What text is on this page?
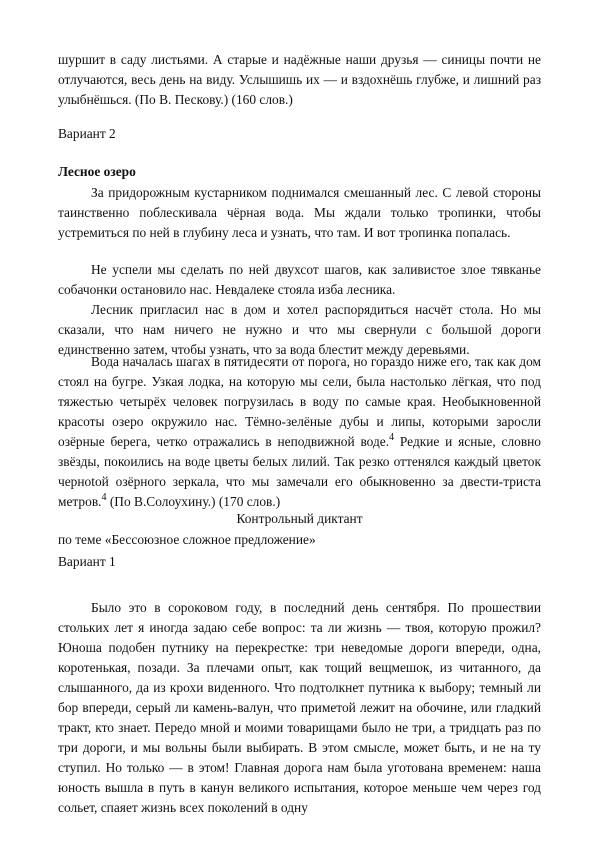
шуршит в саду листьями. А старые и надёжные наши друзья — синицы почти не отлучаются, весь день на виду. Услышишь их — и вздохнёшь глубже, и лишний раз улыбнёшься. (По В. Пескову.) (160 слов.)

Вариант 2

Лесное озеро

За придорожным кустарником поднимался смешанный лес. С левой стороны таинственно поблескивала чёрная вода. Мы ждали только тропинки, чтобы устремиться по ней в глубину леса и узнать, что там. И вот тропинка попалась.

Не успели мы сделать по ней двухсот шагов, как заливистое злое тявканье собачонки остановило нас. Невдалеке стояла изба лесника.

Лесник пригласил нас в дом и хотел распорядиться насчёт стола. Но мы сказали, что нам ничего не нужно и что мы свернули с большой дороги единственно затем, чтобы узнать, что за вода блестит между деревьями.

Вода началась шагах в пятидесяти от порога, но гораздо ниже его, так как дом стоял на бугре. Узкая лодка, на которую мы сели, была настолько лёгкая, что под тяжестью четырёх человек погрузилась в воду по самые края. Необыкновенной красоты озеро окружило нас. Тёмно-зелёные дубы и липы, которыми заросли озёрные берега, четко отражались в неподвижной воде.$^4$ Редкие и ясные, словно звёзды, покоились на воде цветы белых лилий. Так резко оттенялся каждый цветок черноtой озёрного зеркала, что мы замечали его обыкновенно за двести-триста метров.$^4$ (По В.Солоухину.) (170 слов.)

Контрольный диктант

по теме «Бессоюзное сложное предложение»

Вариант 1

Было это в сороковом году, в последний день сентября. По прошествии стольких лет я иногда задаю себе вопрос: та ли жизнь — твоя, которую прожил? Юноша подобен путнику на перекрестке: три неведомые дороги впереди, одна, коротенькая, позади. За плечами опыт, как тощий вещмешок, из читанного, да слышанного, да из крохи виденного. Что подтолкнет путника к выбору; темный ли бор впереди, серый ли камень-валун, что приметой лежит на обочине, или гладкий тракт, кто знает. Передо мной и моими товарищами было не три, а тридцать раз по три дороги, и мы вольны были выбирать. В этом смысле, может быть, и не на ту ступил. Но только — в этом! Главная дорога нам была уготована временем: наша юность вышла в путь в канун великого испытания, которое меньше чем через год сольет, спаяет жизнь всех поколений в одну
